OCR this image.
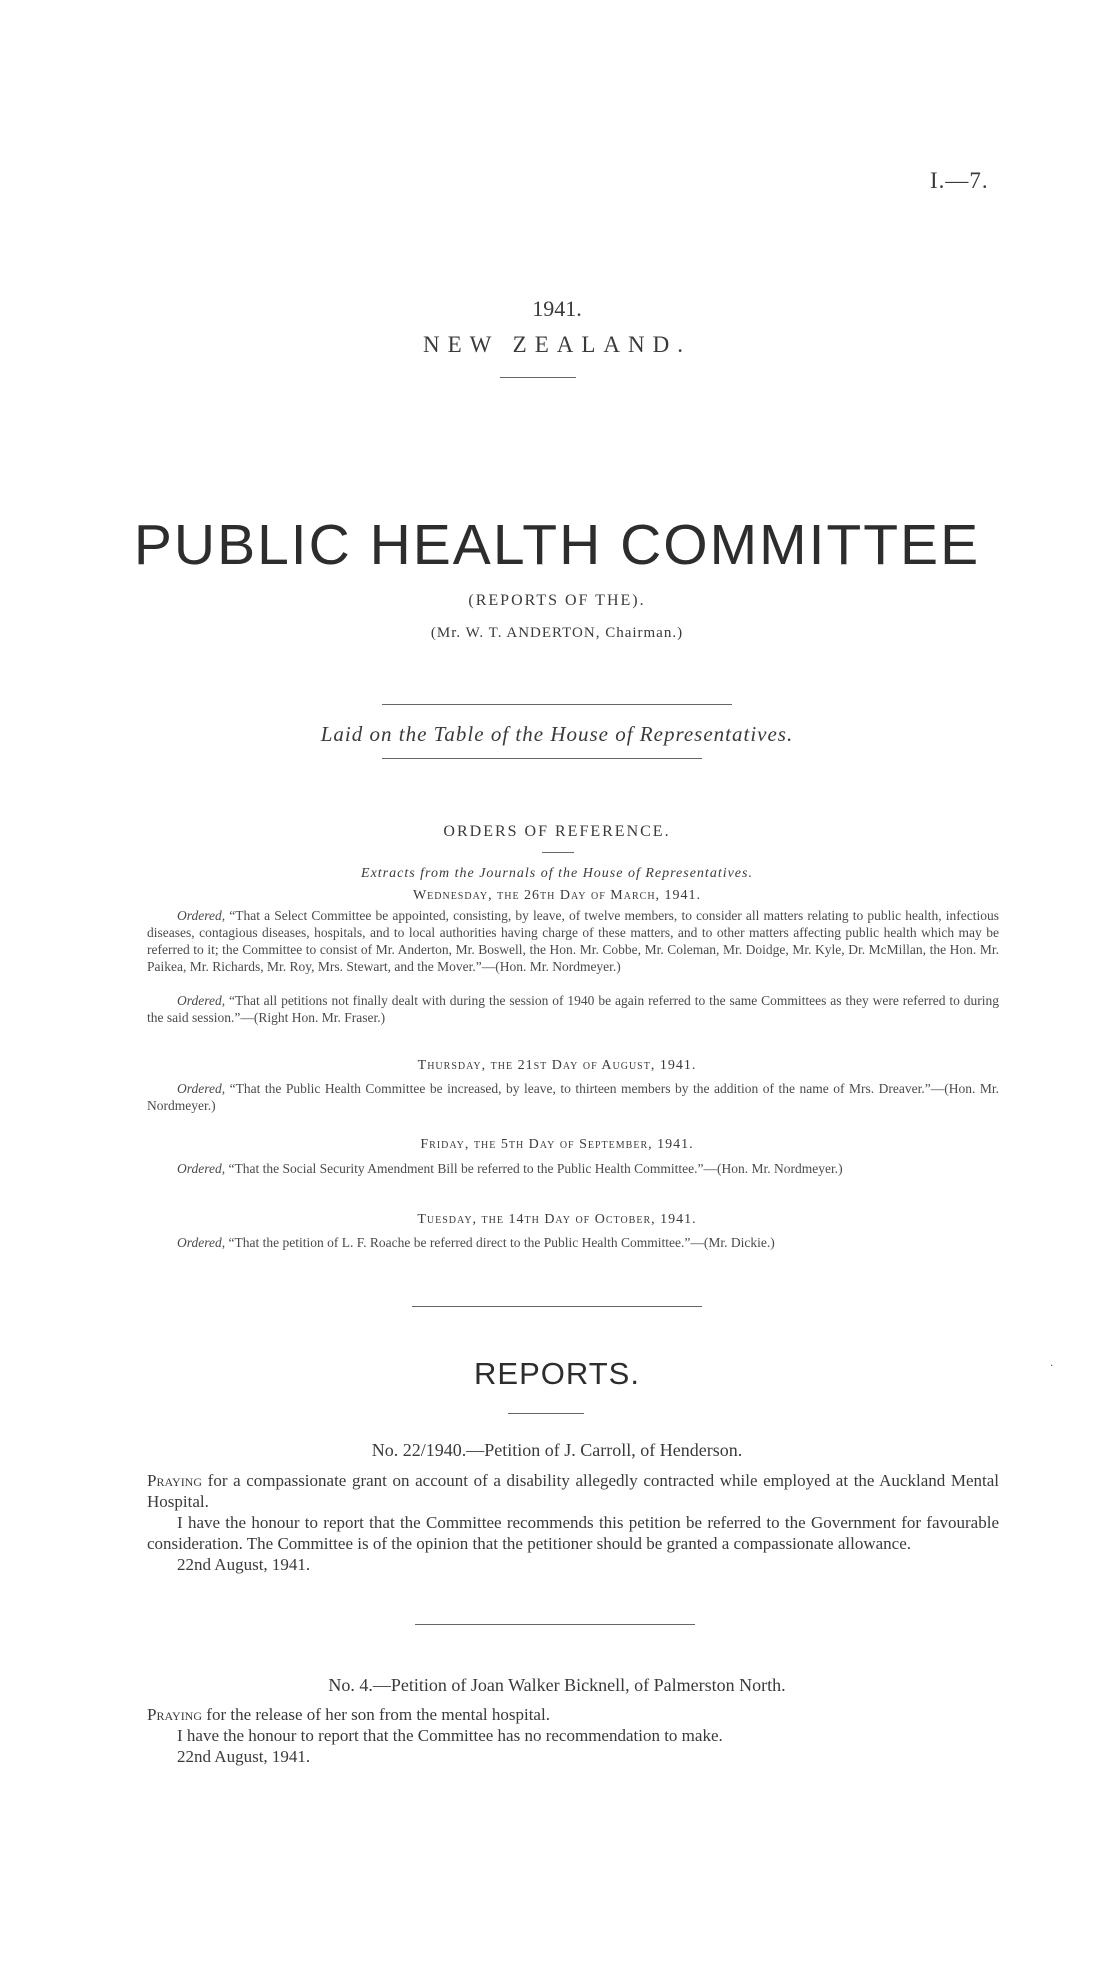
I.—7.
1941.
NEW ZEALAND.
PUBLIC HEALTH COMMITTEE
(REPORTS OF THE).
(Mr. W. T. ANDERTON, Chairman.)
Laid on the Table of the House of Representatives.
ORDERS OF REFERENCE.
Extracts from the Journals of the House of Representatives.
Wednesday, the 26th Day of March, 1941.
Ordered, “That a Select Committee be appointed, consisting, by leave, of twelve members, to consider all matters relating to public health, infectious diseases, contagious diseases, hospitals, and to local authorities having charge of these matters, and to other matters affecting public health which may be referred to it; the Committee to consist of Mr. Anderton, Mr. Boswell, the Hon. Mr. Cobbe, Mr. Coleman, Mr. Doidge, Mr. Kyle, Dr. McMillan, the Hon. Mr. Paikea, Mr. Richards, Mr. Roy, Mrs. Stewart, and the Mover.”—(Hon. Mr. Nordmeyer.)
Ordered, “That all petitions not finally dealt with during the session of 1940 be again referred to the same Committees as they were referred to during the said session.”—(Right Hon. Mr. Fraser.)
Thursday, the 21st Day of August, 1941.
Ordered, “That the Public Health Committee be increased, by leave, to thirteen members by the addition of the name of Mrs. Dreaver.”—(Hon. Mr. Nordmeyer.)
Friday, the 5th Day of September, 1941.
Ordered, “That the Social Security Amendment Bill be referred to the Public Health Committee.”—(Hon. Mr. Nordmeyer.)
Tuesday, the 14th Day of October, 1941.
Ordered, “That the petition of L. F. Roache be referred direct to the Public Health Committee.”—(Mr. Dickie.)
REPORTS.	·
No. 22/1940.—Petition of J. Carroll, of Henderson.
Praying for a compassionate grant on account of a disability allegedly contracted while employed at the Auckland Mental Hospital.
I have the honour to report that the Committee recommends this petition be referred to the Government for favourable consideration. The Committee is of the opinion that the petitioner should be granted a compassionate allowance.
22nd August, 1941.
No. 4.—Petition of Joan Walker Bicknell, of Palmerston North.
Praying for the release of her son from the mental hospital.
I have the honour to report that the Committee has no recommendation to make.
22nd August, 1941.
